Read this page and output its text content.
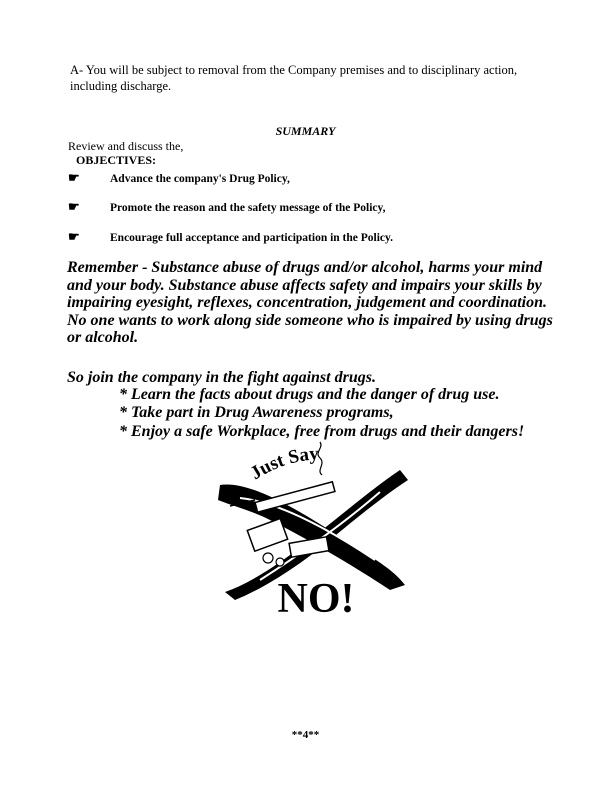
A- You will be subject to removal from the Company premises and to disciplinary action, including discharge.
SUMMARY
Review and discuss the,
OBJECTIVES:
☛	Advance the company's Drug Policy,
☛	Promote the reason and the safety message of the Policy,
☛	Encourage full acceptance and participation in the Policy.
Remember - Substance abuse of drugs and/or alcohol, harms your mind and your body. Substance abuse affects safety and impairs your skills by impairing eyesight, reflexes, concentration, judgement and coordination. No one wants to work along side someone who is impaired by using drugs or alcohol.
So join the company in the fight against drugs.
* Learn the facts about drugs and the danger of drug use.
* Take part in Drug Awareness programs,
* Enjoy a safe Workplace, free from drugs and their dangers!
Just Say
NO!
**4**
